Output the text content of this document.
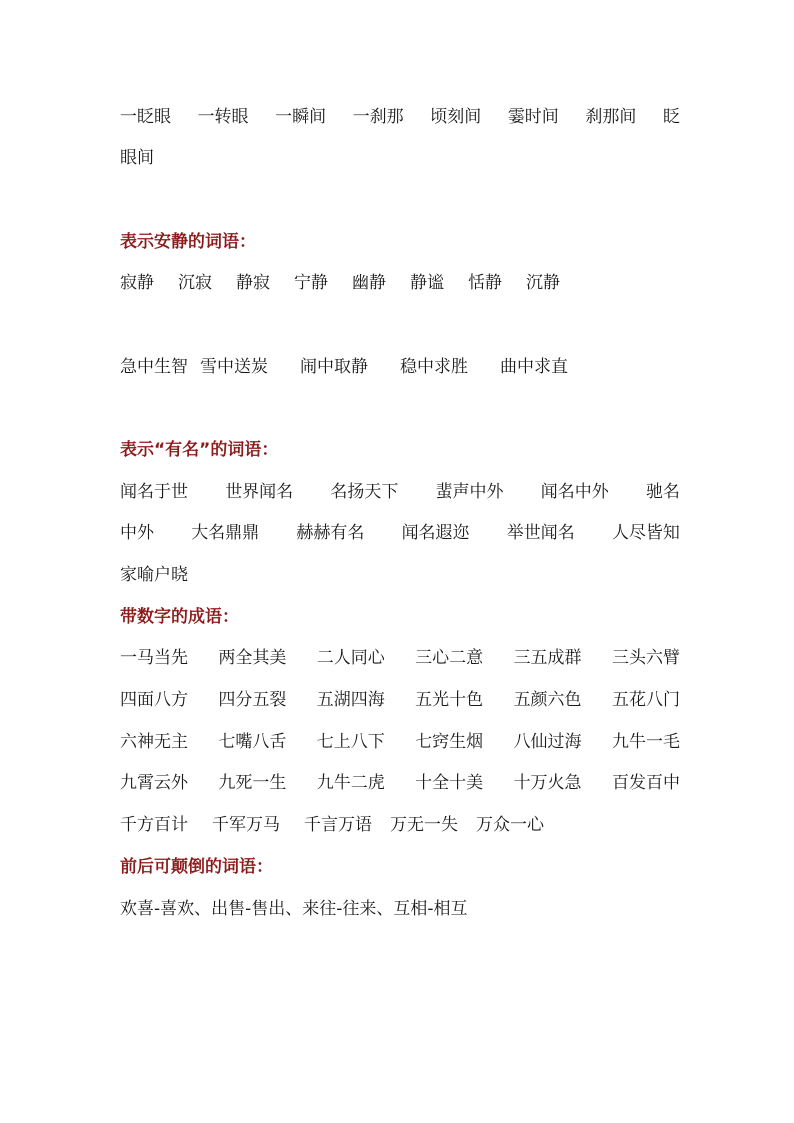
一眨眼 一转眼 一瞬间 一刹那 顷刻间 霎时间 刹那间 眨
眼间
表示安静的词语：
寂静 沉寂 静寂 宁静 幽静 静谧 恬静 沉静
急中生智 雪中送炭 闹中取静 稳中求胜 曲中求直
表示“有名”的词语：
闻名于世 世界闻名 名扬天下 蜚声中外 闻名中外 驰名
中外 大名鼎鼎 赫赫有名 闻名遐迩 举世闻名 人尽皆知
家喻户晓
带数字的成语：
一马当先 两全其美 二人同心 三心二意 三五成群 三头六臂
四面八方 四分五裂 五湖四海 五光十色 五颜六色 五花八门
六神无主 七嘴八舌 七上八下 七窍生烟 八仙过海 九牛一毛
九霄云外 九死一生 九牛二虎 十全十美 十万火急 百发百中
千方百计 千军万马 千言万语 万无一失 万众一心
前后可颠倒的词语：
欢喜-喜欢、出售-售出、来往-往来、互相-相互
